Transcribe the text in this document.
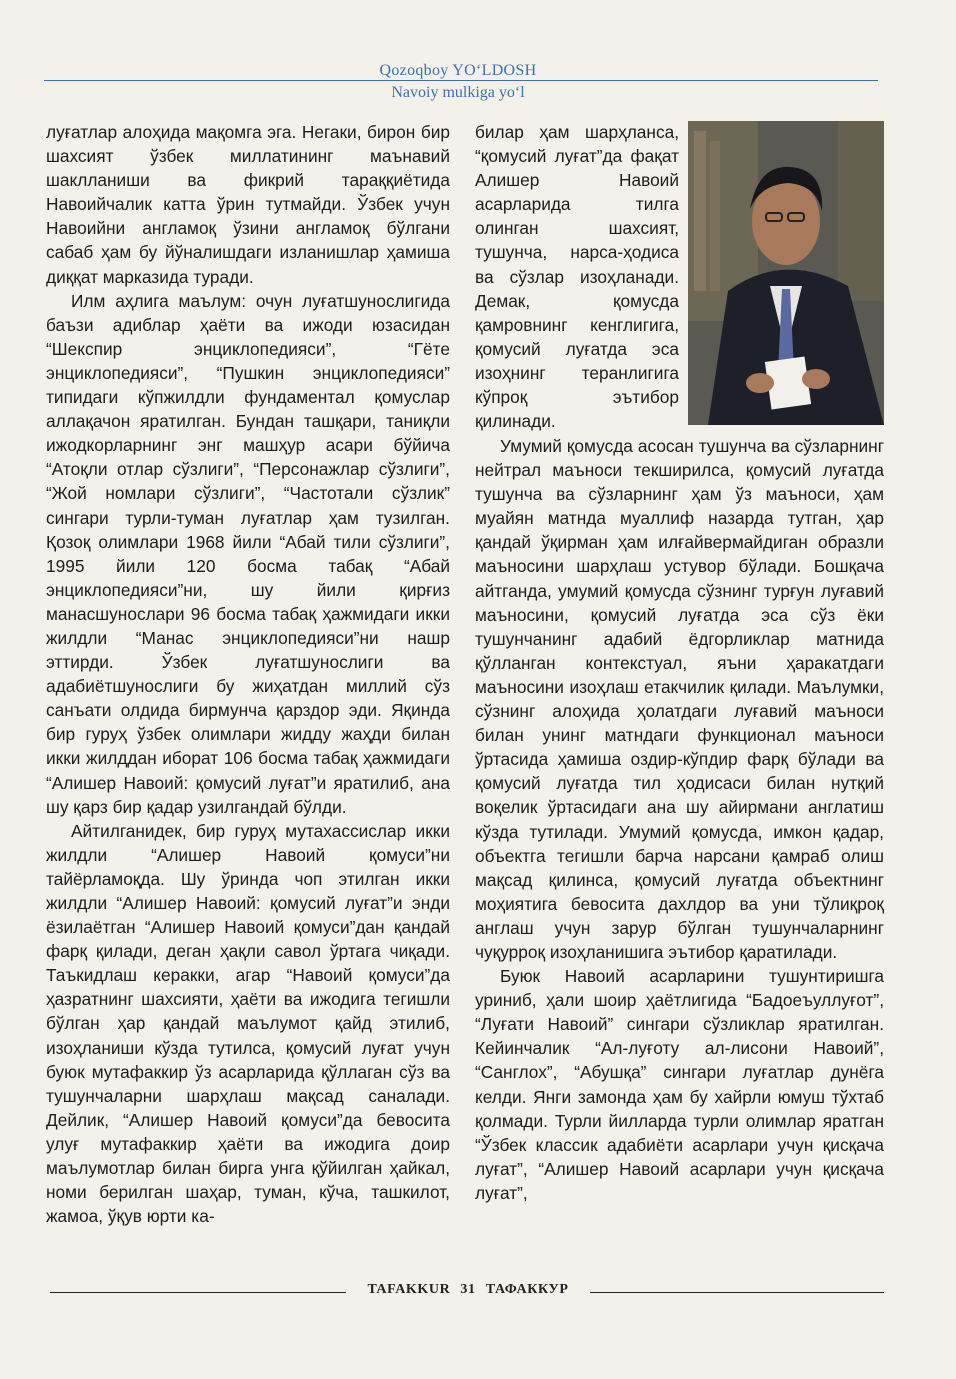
Qozoqboy YO‘LDOSH
Navoiy mulkiga yo‘l

луғатлар алоҳида мақомга эга. Негаки, бирон бир шахсият ўзбек миллатининг маънавий шаклланиши ва фикрий тараққиётида Навоийчалик катта ўрин тутмайди. Ўзбек учун Навоийни англамоқ ўзини англамоқ бўлгани сабаб ҳам бу йўналишдаги изланишлар ҳамиша диққат марказида туради.

Илм аҳлига маълум: очун луғатшунослигида баъзи адиблар ҳаёти ва ижоди юзасидан “Шекспир энциклопедияси”, “Гёте энциклопедияси”, “Пушкин энциклопедияси” типидаги кўпжилдли фундаментал қомуслар аллақачон яратилган. Бундан ташқари, таниқли ижодкорларнинг энг машҳур асари бўйича “Атоқли отлар сўзлиги”, “Персонажлар сўзлиги”, “Жой номлари сўзлиги”, “Частотали сўзлик” сингари турли-туман луғатлар ҳам тузилган. Қозоқ олимлари 1968 йили “Абай тили сўзлиги”, 1995 йили 120 босма табақ “Абай энциклопедияси”ни, шу йили қирғиз манасшунослари 96 босма табақ ҳажмидаги икки жилдли “Манас энциклопедияси”ни нашр эттирди. Ўзбек луғатшунослиги ва адабиётшунослиги бу жиҳатдан миллий сўз санъати олдида бирмунча қарздор эди. Яқинда бир гуруҳ ўзбек олимлари жидду жаҳди билан икки жилддан иборат 106 босма табақ ҳажмидаги “Алишер Навоий: қомусий луғат”и яратилиб, ана шу қарз бир қадар узилгандай бўлди.

Айтилганидек, бир гуруҳ мутахассислар икки жилдли “Алишер Навоий қомуси”ни тайёрламоқда. Шу ўринда чоп этилган икки жилдли “Алишер Навоий: қомусий луғат”и энди ёзилаётган “Алишер Навоий қомуси”дан қандай фарқ қилади, деган ҳақли савол ўртага чиқади. Таъкидлаш керакки, агар “Навоий қомуси”да ҳазратнинг шахсияти, ҳаёти ва ижодига тегишли бўлган ҳар қандай маълумот қайд этилиб, изоҳланиши кўзда тутилса, қомусий луғат учун буюк мутафаккир ўз асарларида қўллаган сўз ва тушунчаларни шарҳлаш мақсад саналади. Дейлик, “Алишер Навоий қомуси”да бевосита улуғ мутафаккир ҳаёти ва ижодига доир маълумотлар билан бирга унга қўйилган ҳайкал, номи берилган шаҳар, туман, кўча, ташкилот, жамоа, ўқув юрти ка-

билар ҳам шарҳланса, “қомусий луғат”да фақат Алишер Навоий асарларида тилга олинган шахсият, тушунча, нарса-ҳодиса ва сўзлар изоҳланади. Демак, қомусда қамровнинг кенглигига, қомусий луғатда эса изоҳнинг теранлигига кўпроқ эътибор қилинади.

Умумий қомусда асосан тушунча ва сўзларнинг нейтрал маъноси текширилса, қомусий луғатда тушунча ва сўзларнинг ҳам ўз маъноси, ҳам муайян матнда муаллиф назарда тутган, ҳар қандай ўқирман ҳам илғайвермайдиган образли маъносини шарҳлаш устувор бўлади. Бошқача айтганда, умумий қомусда сўзнинг турғун луғавий маъносини, қомусий луғатда эса сўз ёки тушунчанинг адабий ёдгорликлар матнида қўлланган контекстуал, яъни ҳаракатдаги маъносини изоҳлаш етакчилик қилади. Маълумки, сўзнинг алоҳида ҳолатдаги луғавий маъноси билан унинг матндаги функционал маъноси ўртасида ҳамиша оздир-кўпдир фарқ бўлади ва қомусий луғатда тил ҳодисаси билан нутқий воқелик ўртасидаги ана шу айирмани англатиш кўзда тутилади. Умумий қомусда, имкон қадар, объектга тегишли барча нарсани қамраб олиш мақсад қилинса, қомусий луғатда объектнинг моҳиятига бевосита дахлдор ва уни тўлиқроқ англаш учун зарур бўлган тушунчаларнинг чуқурроқ изоҳланишига эътибор қаратилади.

Буюк Навоий асарларини тушунтиришга уриниб, ҳали шоир ҳаётлигида “Бадоеъуллуғот”, “Луғати Навоий” сингари сўзликлар яратилган. Кейинчалик “Ал-луғоту ал-лисони Навоий”, “Санглох”, “Абушқа” сингари луғатлар дунёга келди. Янги замонда ҳам бу хайрли юмуш тўхтаб қолмади. Турли йилларда турли олимлар яратган “Ўзбек классик адабиёти асарлари учун қисқача луғат”, “Алишер Навоий асарлари учун қисқача луғат”,

TAFAKKUR 31 ТАФАККУР
